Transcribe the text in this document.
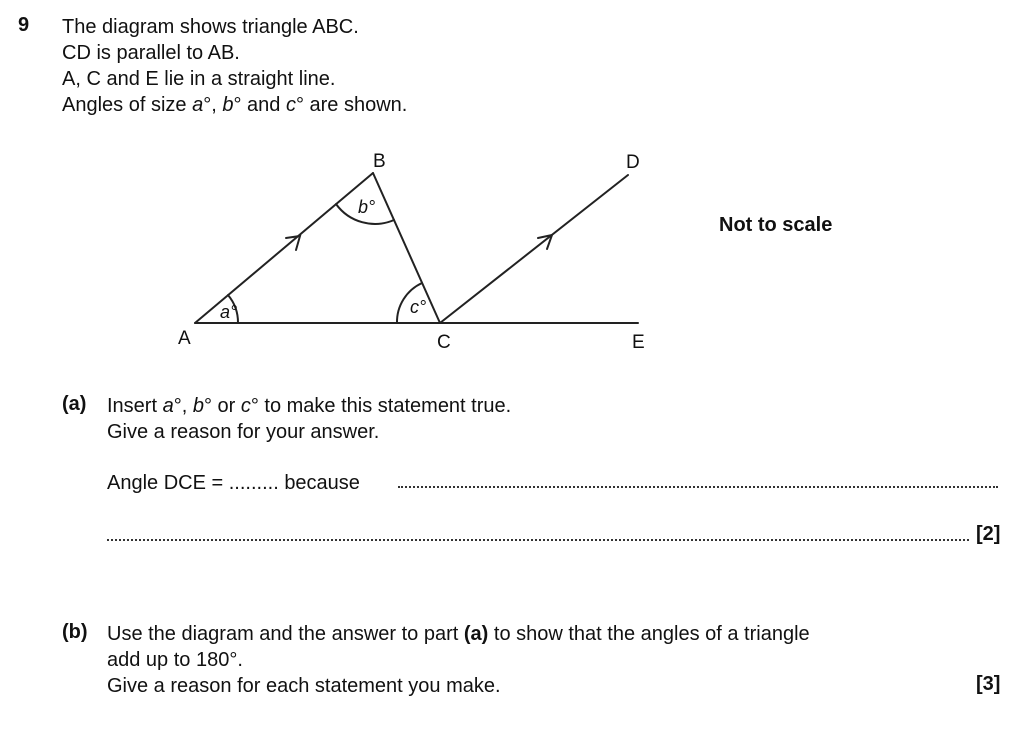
9 The diagram shows triangle ABC.
CD is parallel to AB.
A, C and E lie in a straight line.
Angles of size a°, b° and c° are shown.
A
B
C
D
E
a°
b°
c°
Not to scale
(a) Insert a°, b° or c° to make this statement true.
Give a reason for your answer.
Angle DCE = ......... because
[2]
(b) Use the diagram and the answer to part (a) to show that the angles of a triangle
add up to 180°.
Give a reason for each statement you make.	[3]
